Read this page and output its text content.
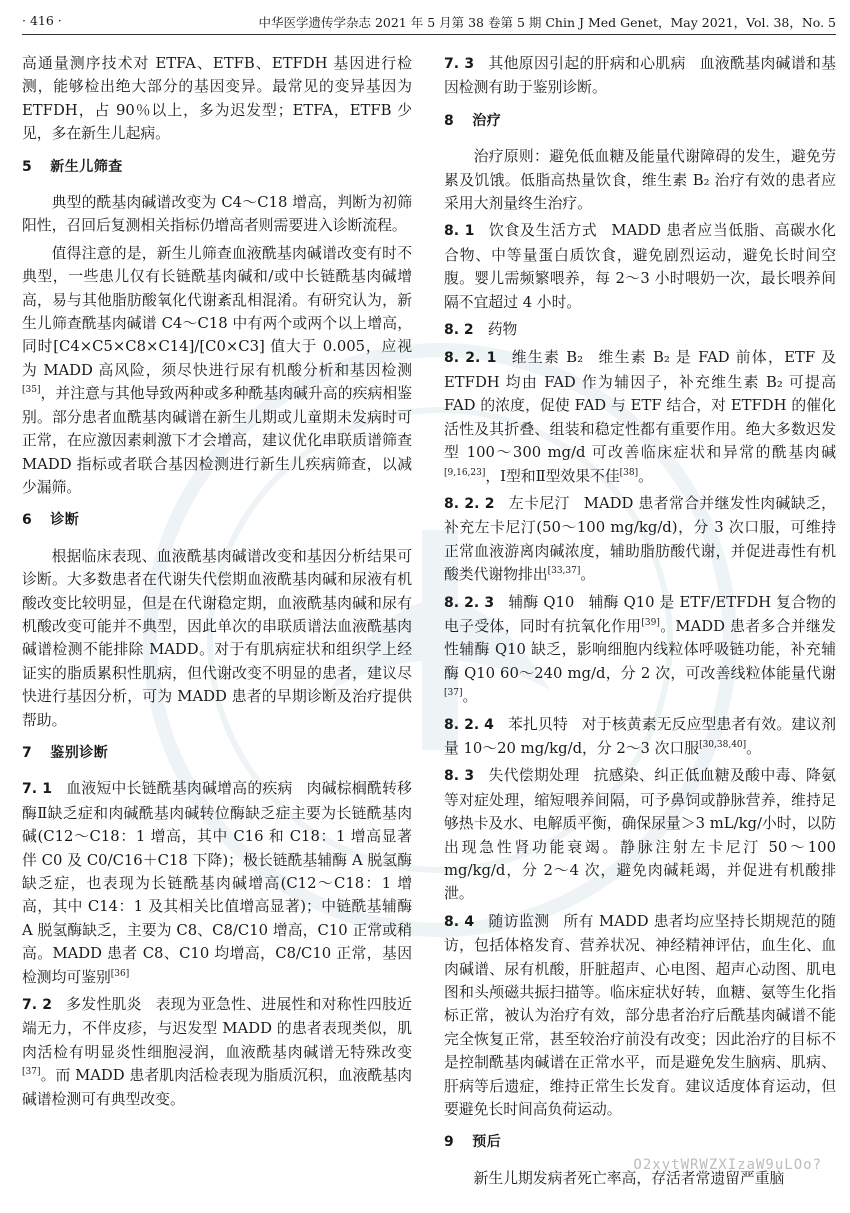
· 416 ·	中华医学遗传学杂志 2021 年 5 月第 38 卷第 5 期 Chin J Med Genet，May 2021，Vol. 38，No. 5

高通量测序技术对 ETFA、ETFB、ETFDH 基因进行检测，能够检出绝大部分的基因变异。最常见的变异基因为 ETFDH，占 90％以上，多为迟发型；ETFA，ETFB 少见，多在新生儿起病。

5 新生儿筛查

典型的酰基肉碱谱改变为 C4～C18 增高，判断为初筛阳性，召回后复测相关指标仍增高者则需要进入诊断流程。

值得注意的是，新生儿筛查血液酰基肉碱谱改变有时不典型，一些患儿仅有长链酰基肉碱和/或中长链酰基肉碱增高，易与其他脂肪酸氧化代谢紊乱相混淆。有研究认为，新生儿筛查酰基肉碱谱 C4～C18 中有两个或两个以上增高，同时[C4×C5×C8×C14]/[C0×C3] 值大于 0.005，应视为 MADD 高风险，须尽快进行尿有机酸分析和基因检测[35]，并注意与其他导致两种或多种酰基肉碱升高的疾病相鉴别。部分患者血酰基肉碱谱在新生儿期或儿童期未发病时可正常，在应激因素刺激下才会增高，建议优化串联质谱筛查 MADD 指标或者联合基因检测进行新生儿疾病筛查，以减少漏筛。

6 诊断

根据临床表现、血液酰基肉碱谱改变和基因分析结果可诊断。大多数患者在代谢失代偿期血液酰基肉碱和尿液有机酸改变比较明显，但是在代谢稳定期，血液酰基肉碱和尿有机酸改变可能并不典型，因此单次的串联质谱法血液酰基肉碱谱检测不能排除 MADD。对于有肌病症状和组织学上经证实的脂质累积性肌病，但代谢改变不明显的患者，建议尽快进行基因分析，可为 MADD 患者的早期诊断及治疗提供帮助。

7 鉴别诊断

7. 1 血液短中长链酰基肉碱增高的疾病 肉碱棕榈酰转移酶Ⅱ缺乏症和肉碱酰基肉碱转位酶缺乏症主要为长链酰基肉碱(C12～C18：1 增高，其中 C16 和 C18：1 增高显著伴 C0 及 C0/C16＋C18 下降)；极长链酰基辅酶 A 脱氢酶缺乏症，也表现为长链酰基肉碱增高(C12～C18：1 增高，其中 C14：1 及其相关比值增高显著)；中链酰基辅酶 A 脱氢酶缺乏，主要为 C8、C8/C10 增高，C10 正常或稍高。MADD 患者 C8、C10 均增高，C8/C10 正常，基因检测均可鉴别[36]

7. 2 多发性肌炎 表现为亚急性、进展性和对称性四肢近端无力，不伴皮疹，与迟发型 MADD 的患者表现类似，肌肉活检有明显炎性细胞浸润，血液酰基肉碱谱无特殊改变[37]。而 MADD 患者肌肉活检表现为脂质沉积，血液酰基肉碱谱检测可有典型改变。

7. 3 其他原因引起的肝病和心肌病 血液酰基肉碱谱和基因检测有助于鉴别诊断。

8 治疗

治疗原则：避免低血糖及能量代谢障碍的发生，避免劳累及饥饿。低脂高热量饮食，维生素 B₂ 治疗有效的患者应采用大剂量终生治疗。

8. 1 饮食及生活方式 MADD 患者应当低脂、高碳水化合物、中等量蛋白质饮食，避免剧烈运动，避免长时间空腹。婴儿需频繁喂养，每 2～3 小时喂奶一次，最长喂养间隔不宜超过 4 小时。

8. 2 药物

8. 2. 1 维生素 B₂ 维生素 B₂ 是 FAD 前体，ETF 及 ETFDH 均由 FAD 作为辅因子，补充维生素 B₂ 可提高 FAD 的浓度，促使 FAD 与 ETF 结合，对 ETFDH 的催化活性及其折叠、组装和稳定性都有重要作用。绝大多数迟发型 100～300 mg/d 可改善临床症状和异常的酰基肉碱[9,16,23]，Ⅰ型和Ⅱ型效果不佳[38]。

8. 2. 2 左卡尼汀 MADD 患者常合并继发性肉碱缺乏，补充左卡尼汀(50～100 mg/kg/d)，分 3 次口服，可维持正常血液游离肉碱浓度，辅助脂肪酸代谢，并促进毒性有机酸类代谢物排出[33,37]。

8. 2. 3 辅酶 Q10 辅酶 Q10 是 ETF/ETFDH 复合物的电子受体，同时有抗氧化作用[39]。MADD 患者多合并继发性辅酶 Q10 缺乏，影响细胞内线粒体呼吸链功能，补充辅酶 Q10 60～240 mg/d，分 2 次，可改善线粒体能量代谢[37]。

8. 2. 4 苯扎贝特 对于核黄素无反应型患者有效。建议剂量 10～20 mg/kg/d，分 2～3 次口服[30,38,40]。

8. 3 失代偿期处理 抗感染、纠正低血糖及酸中毒、降氨等对症处理，缩短喂养间隔，可予鼻饲或静脉营养，维持足够热卡及水、电解质平衡，确保尿量＞3 mL/kg/小时，以防出现急性肾功能衰竭。静脉注射左卡尼汀 50～100 mg/kg/d，分 2～4 次，避免肉碱耗竭，并促进有机酸排泄。

8. 4 随访监测 所有 MADD 患者均应坚持长期规范的随访，包括体格发育、营养状况、神经精神评估，血生化、血肉碱谱、尿有机酸，肝脏超声、心电图、超声心动图、肌电图和头颅磁共振扫描等。临床症状好转，血糖、氨等生化指标正常，被认为治疗有效，部分患者治疗后酰基肉碱谱不能完全恢复正常，甚至较治疗前没有改变；因此治疗的目标不是控制酰基肉碱谱在正常水平，而是避免发生脑病、肌病、肝病等后遗症，维持正常生长发育。建议适度体育运动，但要避免长时间高负荷运动。

9 预后

新生儿期发病者死亡率高，存活者常遗留严重脑

O2xytWRWZXIzaW9uLOo?
